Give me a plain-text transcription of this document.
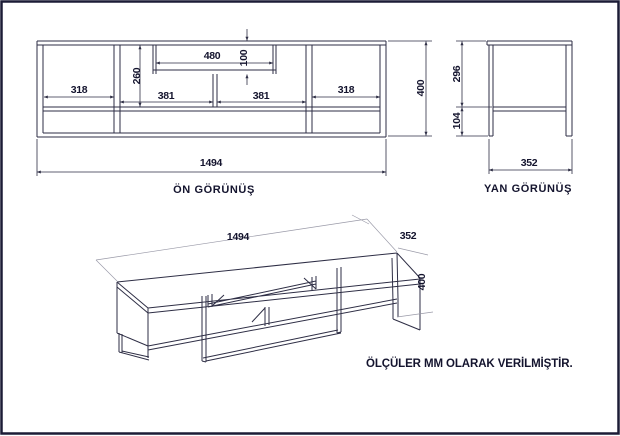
318	381	381	318
480 100
260
1494
400
ÖN GÖRÜNÜŞ
296
104
352
YAN GÖRÜNÜŞ
1494	352
400
ÖLÇÜLER MM OLARAK VERİLMİŞTİR.
